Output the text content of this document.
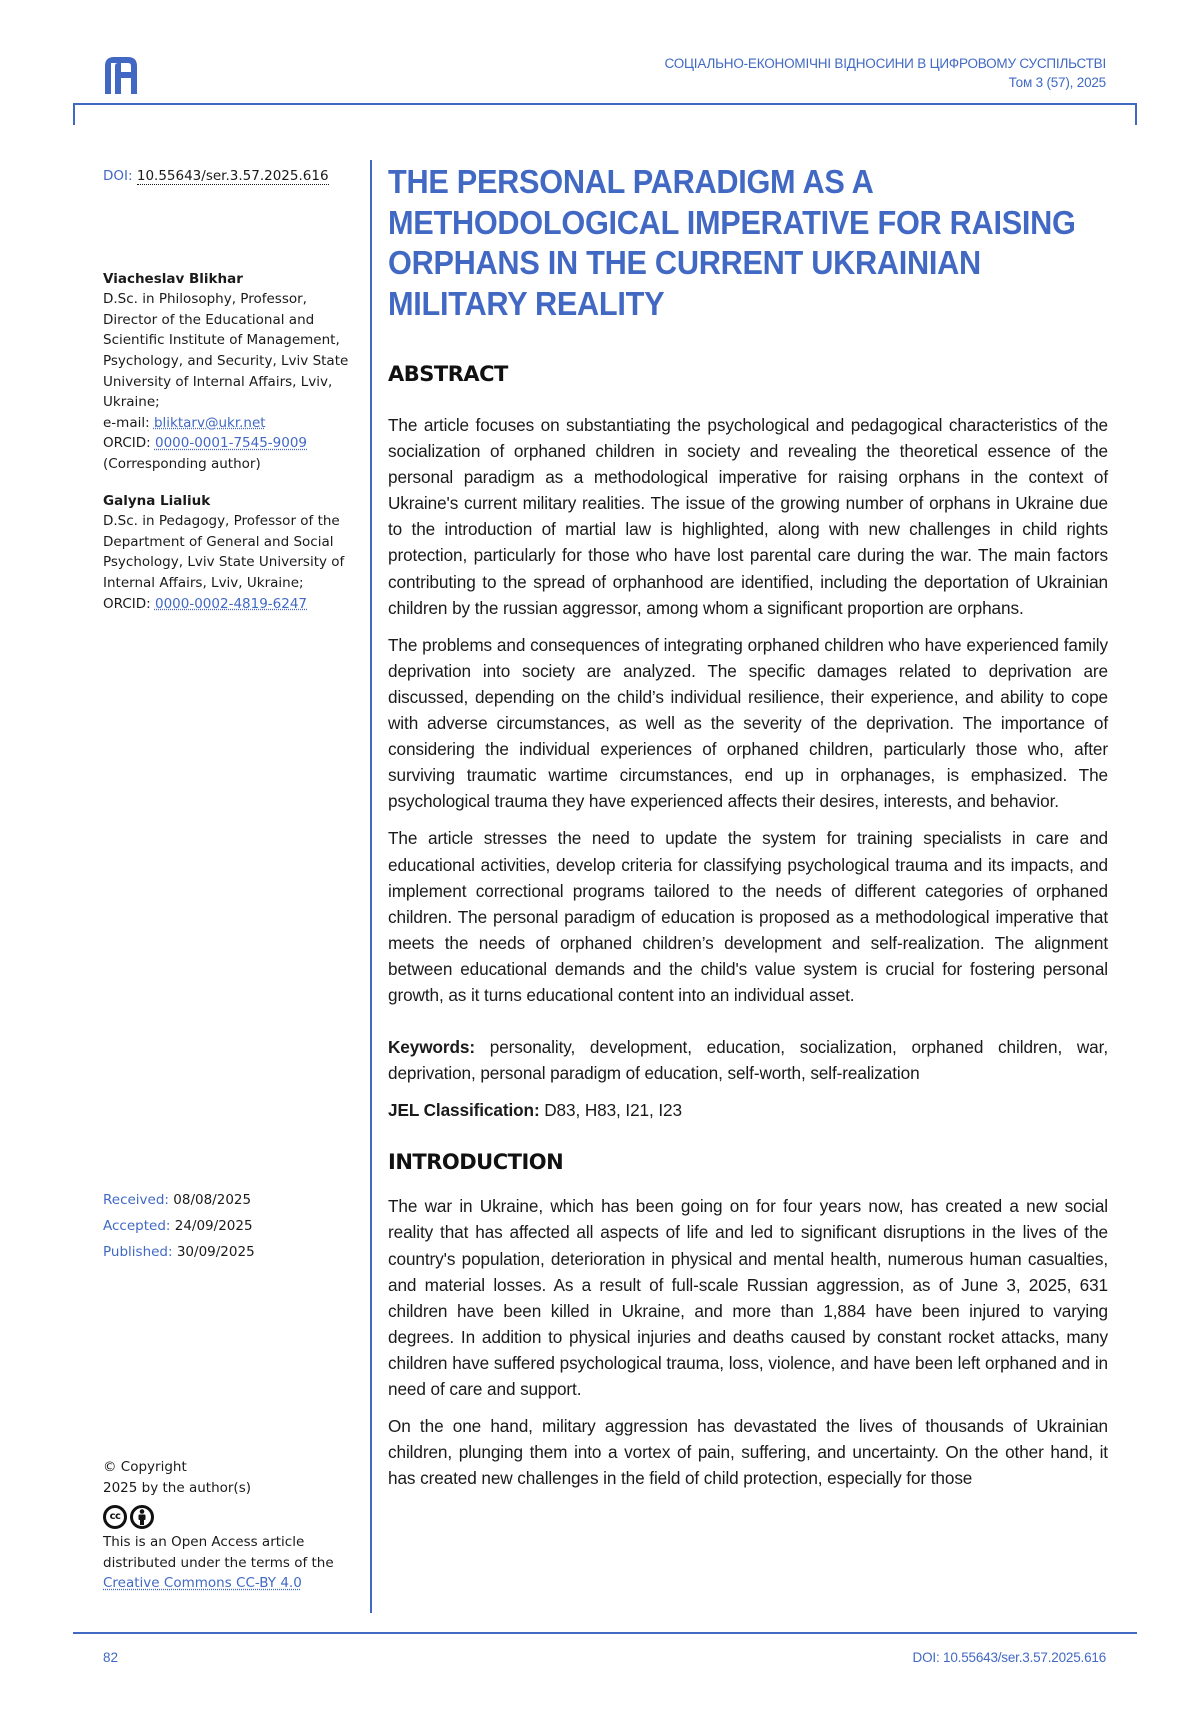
СОЦІАЛЬНО-ЕКОНОМІЧНІ ВІДНОСИНИ В ЦИФРОВОМУ СУСПІЛЬСТВІ
Том 3 (57), 2025
DOI: 10.55643/ser.3.57.2025.616
Viacheslav Blikhar
D.Sc. in Philosophy, Professor, Director of the Educational and Scientific Institute of Management, Psychology, and Security, Lviv State University of Internal Affairs, Lviv, Ukraine;
e-mail: bliktarv@ukr.net
ORCID: 0000-0001-7545-9009
(Corresponding author)
Galyna Lialiuk
D.Sc. in Pedagogy, Professor of the Department of General and Social Psychology, Lviv State University of Internal Affairs, Lviv, Ukraine;
ORCID: 0000-0002-4819-6247
Received: 08/08/2025
Accepted: 24/09/2025
Published: 30/09/2025
© Copyright
2025 by the author(s)
cc
This is an Open Access article distributed under the terms of the
Creative Commons CC-BY 4.0
THE PERSONAL PARADIGM AS A METHODOLOGICAL IMPERATIVE FOR RAISING ORPHANS IN THE CURRENT UKRAINIAN MILITARY REALITY
ABSTRACT

The article focuses on substantiating the psychological and pedagogical characteristics of the socialization of orphaned children in society and revealing the theoretical essence of the personal paradigm as a methodological imperative for raising orphans in the context of Ukraine's current military realities. The issue of the growing number of orphans in Ukraine due to the introduction of martial law is highlighted, along with new challenges in child rights protection, particularly for those who have lost parental care during the war. The main factors contributing to the spread of orphanhood are identified, including the deportation of Ukrainian children by the russian aggressor, among whom a significant proportion are orphans.

The problems and consequences of integrating orphaned children who have experienced family deprivation into society are analyzed. The specific damages related to deprivation are discussed, depending on the child’s individual resilience, their experience, and ability to cope with adverse circumstances, as well as the severity of the deprivation. The importance of considering the individual experiences of orphaned children, particularly those who, after surviving traumatic wartime circumstances, end up in orphanages, is emphasized. The psychological trauma they have experienced affects their desires, interests, and behavior.

The article stresses the need to update the system for training specialists in care and educational activities, develop criteria for classifying psychological trauma and its impacts, and implement correctional programs tailored to the needs of different categories of orphaned children. The personal paradigm of education is proposed as a methodological imperative that meets the needs of orphaned children’s development and self-realization. The alignment between educational demands and the child's value system is crucial for fostering personal growth, as it turns educational content into an individual asset.

Keywords: personality, development, education, socialization, orphaned children, war, deprivation, personal paradigm of education, self-worth, self-realization

JEL Classification: D83, H83, I21, I23

INTRODUCTION

The war in Ukraine, which has been going on for four years now, has created a new social reality that has affected all aspects of life and led to significant disruptions in the lives of the country's population, deterioration in physical and mental health, numerous human casualties, and material losses. As a result of full-scale Russian aggression, as of June 3, 2025, 631 children have been killed in Ukraine, and more than 1,884 have been injured to varying degrees. In addition to physical injuries and deaths caused by constant rocket attacks, many children have suffered psychological trauma, loss, violence, and have been left orphaned and in need of care and support.

On the one hand, military aggression has devastated the lives of thousands of Ukrainian children, plunging them into a vortex of pain, suffering, and uncertainty. On the other hand, it has created new challenges in the field of child protection, especially for those

82	DOI: 10.55643/ser.3.57.2025.616
